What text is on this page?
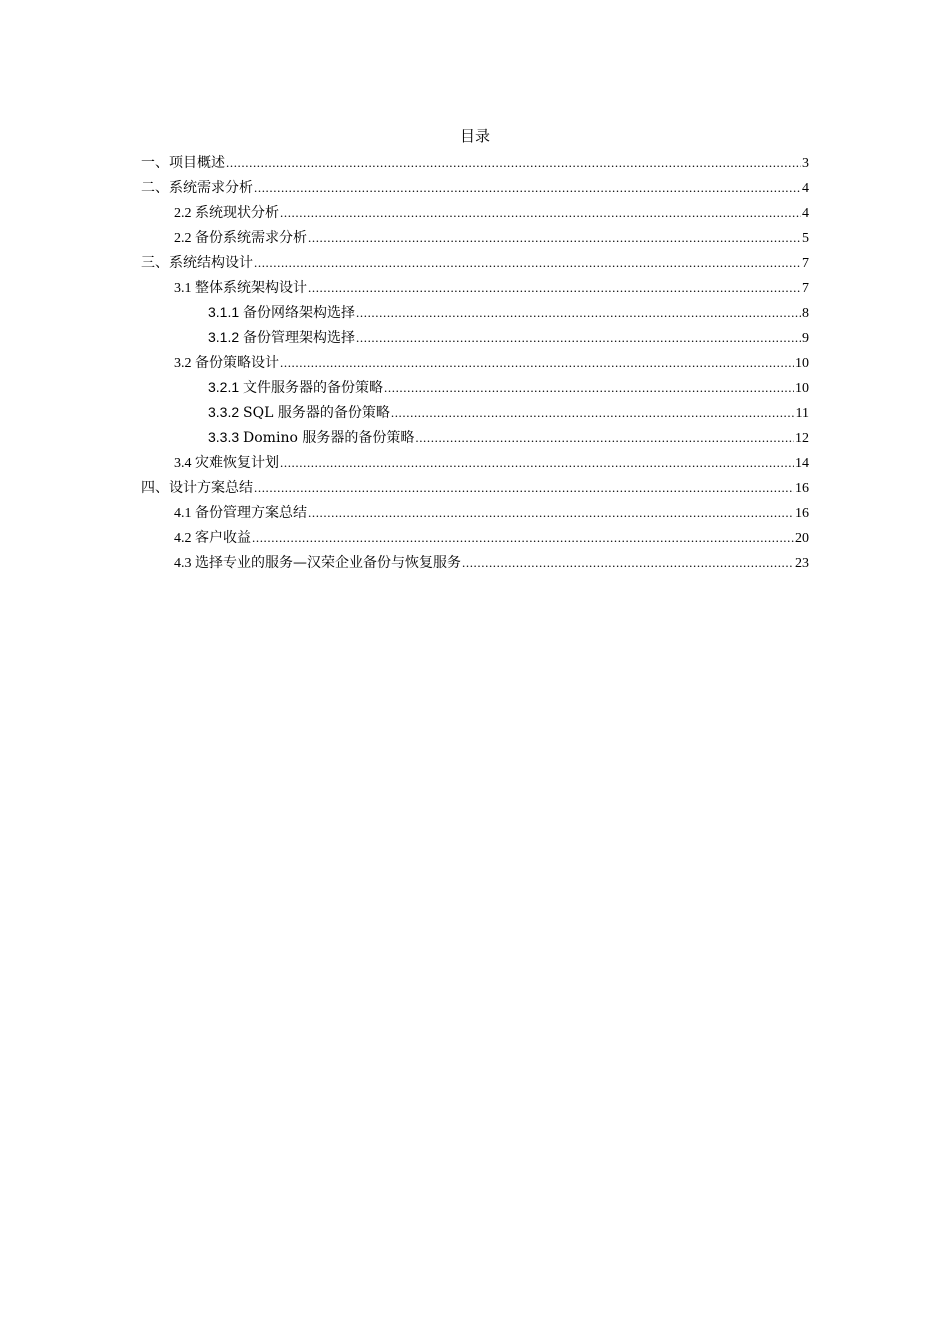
目录
一、项目概述 .....	3
二、系统需求分析 .....	4
2.2 系统现状分析 .....	4
2.2 备份系统需求分析 .....	5
三、系统结构设计 .....	7
3.1 整体系统架构设计 .....	7
3.1.1 备份网络架构选择 .....	8
3.1.2 备份管理架构选择 .....	9
3.2 备份策略设计 .....	10
3.2.1 文件服务器的备份策略 .....	10
3.3.2 SQL 服务器的备份策略 .....	11
3.3.3 Domino 服务器的备份策略 .....	12
3.4 灾难恢复计划 .....	14
四、设计方案总结 .....	16
4.1 备份管理方案总结 .....	16
4.2 客户收益 .....	20
4.3 选择专业的服务—汉荣企业备份与恢复服务 .....	23
